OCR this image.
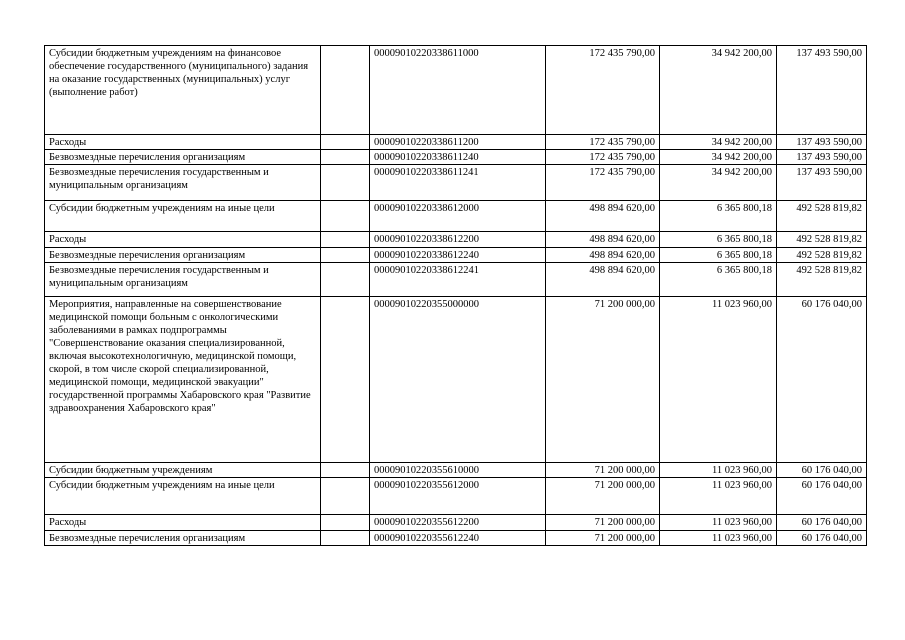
Субсидии бюджетным учреждениям на финансовое обеспечение государственного (муниципального) задания на оказание государственных (муниципальных) услуг (выполнение работ)		00009010220338611000	172 435 790,00	34 942 200,00	137 493 590,00
Расходы		00009010220338611200	172 435 790,00	34 942 200,00	137 493 590,00
Безвозмездные перечисления организациям		00009010220338611240	172 435 790,00	34 942 200,00	137 493 590,00
Безвозмездные перечисления государственным и муниципальным организациям		00009010220338611241	172 435 790,00	34 942 200,00	137 493 590,00
Субсидии бюджетным учреждениям на иные цели		00009010220338612000	498 894 620,00	6 365 800,18	492 528 819,82
Расходы		00009010220338612200	498 894 620,00	6 365 800,18	492 528 819,82
Безвозмездные перечисления организациям		00009010220338612240	498 894 620,00	6 365 800,18	492 528 819,82
Безвозмездные перечисления государственным и муниципальным организациям		00009010220338612241	498 894 620,00	6 365 800,18	492 528 819,82
Мероприятия, направленные на совершенствование медицинской помощи больным с онкологическими заболеваниями в рамках подпрограммы "Совершенствование оказания специализированной, включая высокотехнологичную, медицинской помощи, скорой, в том числе скорой специализированной, медицинской помощи, медицинской эвакуации" государственной программы Хабаровского края "Развитие здравоохранения Хабаровского края"		00009010220355000000	71 200 000,00	11 023 960,00	60 176 040,00
Субсидии бюджетным учреждениям		00009010220355610000	71 200 000,00	11 023 960,00	60 176 040,00
Субсидии бюджетным учреждениям на иные цели		00009010220355612000	71 200 000,00	11 023 960,00	60 176 040,00
Расходы		00009010220355612200	71 200 000,00	11 023 960,00	60 176 040,00
Безвозмездные перечисления организациям		00009010220355612240	71 200 000,00	11 023 960,00	60 176 040,00
